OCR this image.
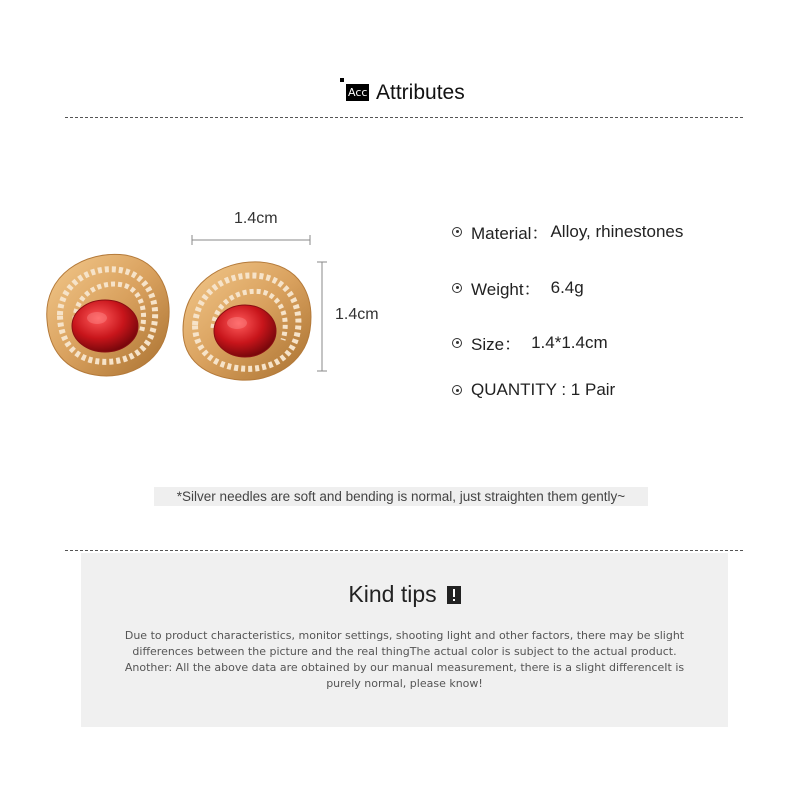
Acc Attributes
1.4cm
1.4cm
Material： Alloy, rhinestones
Weight： 6.4g
Size： 1.4*1.4cm
QUANTITY : 1 Pair
*Silver needles are soft and bending is normal, just straighten them gently~
Kind tips
Due to product characteristics, monitor settings, shooting light and other factors, there may be slight
differences between the picture and the real thingThe actual color is subject to the actual product.
Another: All the above data are obtained by our manual measurement, there is a slight differenceIt is
purely normal, please know!
